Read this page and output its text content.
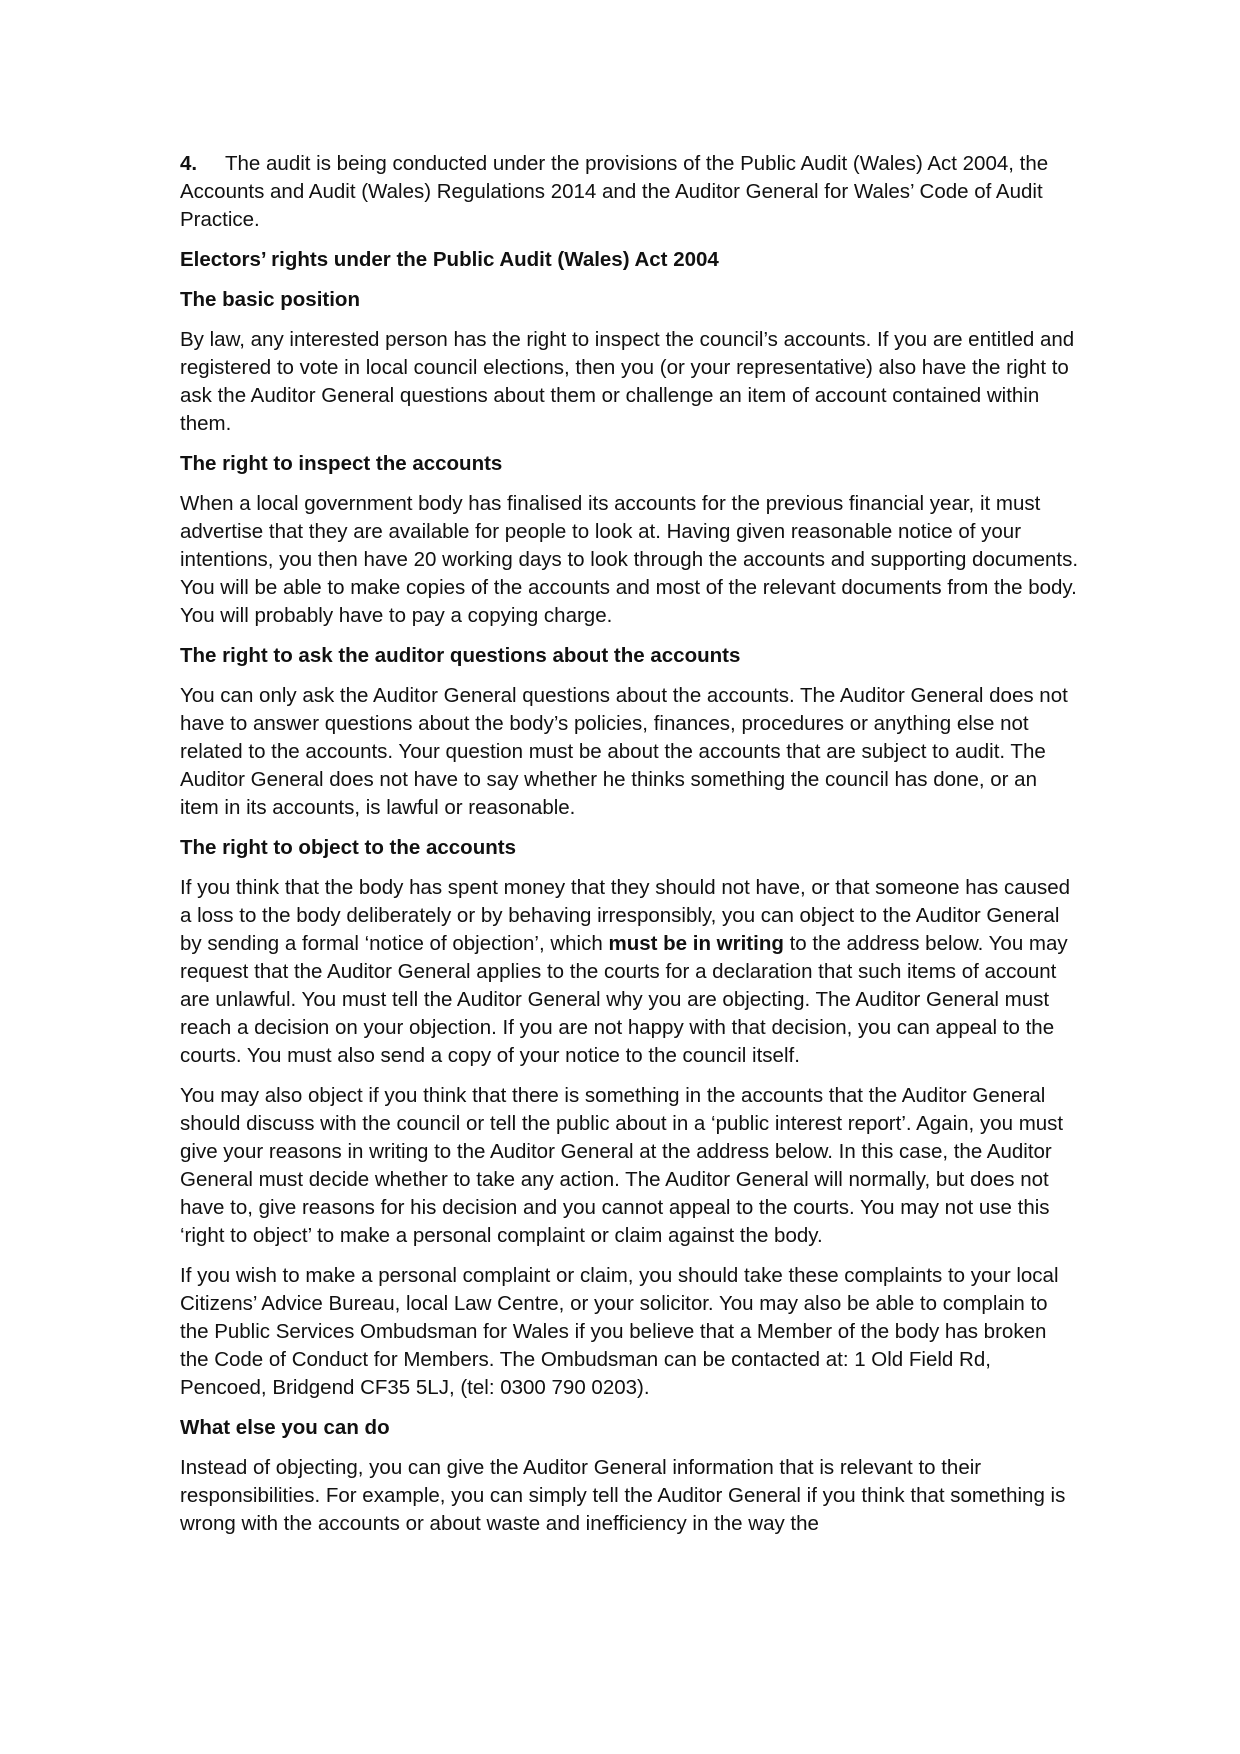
4. The audit is being conducted under the provisions of the Public Audit (Wales) Act 2004, the Accounts and Audit (Wales) Regulations 2014 and the Auditor General for Wales’ Code of Audit Practice.

Electors’ rights under the Public Audit (Wales) Act 2004

The basic position

By law, any interested person has the right to inspect the council’s accounts. If you are entitled and registered to vote in local council elections, then you (or your representative) also have the right to ask the Auditor General questions about them or challenge an item of account contained within them.

The right to inspect the accounts

When a local government body has finalised its accounts for the previous financial year, it must advertise that they are available for people to look at. Having given reasonable notice of your intentions, you then have 20 working days to look through the accounts and supporting documents. You will be able to make copies of the accounts and most of the relevant documents from the body. You will probably have to pay a copying charge.

The right to ask the auditor questions about the accounts

You can only ask the Auditor General questions about the accounts. The Auditor General does not have to answer questions about the body’s policies, finances, procedures or anything else not related to the accounts. Your question must be about the accounts that are subject to audit. The Auditor General does not have to say whether he thinks something the council has done, or an item in its accounts, is lawful or reasonable.

The right to object to the accounts

If you think that the body has spent money that they should not have, or that someone has caused a loss to the body deliberately or by behaving irresponsibly, you can object to the Auditor General by sending a formal ‘notice of objection’, which must be in writing to the address below. You may request that the Auditor General applies to the courts for a declaration that such items of account are unlawful. You must tell the Auditor General why you are objecting. The Auditor General must reach a decision on your objection. If you are not happy with that decision, you can appeal to the courts. You must also send a copy of your notice to the council itself.

You may also object if you think that there is something in the accounts that the Auditor General should discuss with the council or tell the public about in a ‘public interest report’. Again, you must give your reasons in writing to the Auditor General at the address below. In this case, the Auditor General must decide whether to take any action. The Auditor General will normally, but does not have to, give reasons for his decision and you cannot appeal to the courts. You may not use this ‘right to object’ to make a personal complaint or claim against the body.

If you wish to make a personal complaint or claim, you should take these complaints to your local Citizens’ Advice Bureau, local Law Centre, or your solicitor. You may also be able to complain to the Public Services Ombudsman for Wales if you believe that a Member of the body has broken the Code of Conduct for Members. The Ombudsman can be contacted at: 1 Old Field Rd, Pencoed, Bridgend CF35 5LJ, (tel: 0300 790 0203).

What else you can do

Instead of objecting, you can give the Auditor General information that is relevant to their responsibilities. For example, you can simply tell the Auditor General if you think that something is wrong with the accounts or about waste and inefficiency in the way the
